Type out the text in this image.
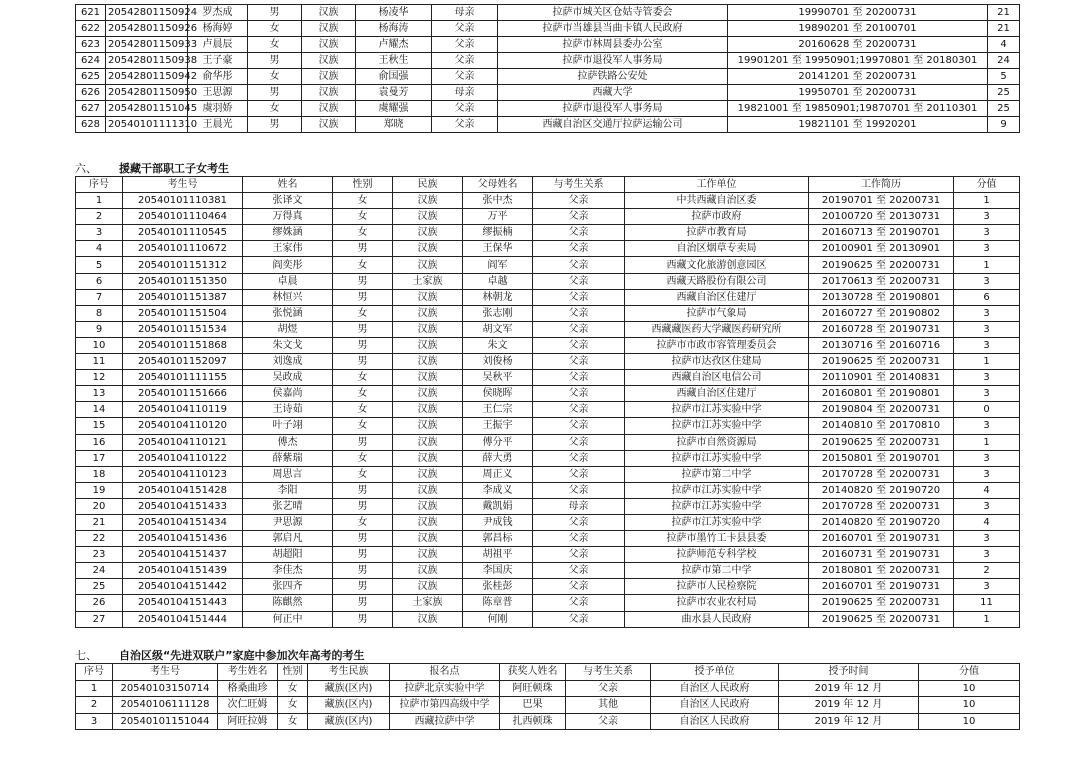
621	20542801150924	罗杰成	男	汉族	杨凌华	母亲	拉萨市城关区仓姑寺管委会	19990701 至 20200731	21
622	20542801150926	杨海婷	女	汉族	杨海涛	父亲	拉萨市当雄县当曲卡镇人民政府	19890201 至 20100701	21
623	20542801150933	卢晨辰	女	汉族	卢耀杰	父亲	拉萨市林周县委办公室	20160628 至 20200731	4
624	20542801150938	王子豪	男	汉族	王秋生	父亲	拉萨市退役军人事务局	19901201 至 19950901;19970801 至 20180301	24
625	20542801150942	俞华彤	女	汉族	俞国强	父亲	拉萨铁路公安处	20141201 至 20200731	5
626	20542801150950	王思源	男	汉族	袁曼芳	母亲	西藏大学	19950701 至 20200731	25
627	20542801151045	虞羽娇	女	汉族	虞耀强	父亲	拉萨市退役军人事务局	19821001 至 19850901;19870701 至 20110301	25
628	20540101111310	王晨光	男	汉族	郑晓	父亲	西藏自治区交通厅拉萨运输公司	19821101 至 19920201	9
六、 援藏干部职工子女考生
序号	考生号	姓名	性别	民族	父母姓名	与考生关系	工作单位	工作简历	分值
1	20540101110381	张译文	女	汉族	张中杰	父亲	中共西藏自治区委	20190701 至 20200731	1
2	20540101110464	万得真	女	汉族	万平	父亲	拉萨市政府	20100720 至 20130731	3
3	20540101110545	缪姝涵	女	汉族	缪振楠	父亲	拉萨市教育局	20160713 至 20190701	3
4	20540101110672	王家伟	男	汉族	王保华	父亲	自治区烟草专卖局	20100901 至 20130901	3
5	20540101151312	阎奕彤	女	汉族	阎军	父亲	西藏文化旅游创意园区	20190625 至 20200731	1
6	20540101151350	卓晨	男	土家族	卓越	父亲	西藏天路股份有限公司	20170613 至 20200731	3
7	20540101151387	林恒兴	男	汉族	林朝龙	父亲	西藏自治区住建厅	20130728 至 20190801	6
8	20540101151504	张悦涵	女	汉族	张志刚	父亲	拉萨市气象局	20160727 至 20190802	3
9	20540101151534	胡煜	男	汉族	胡文军	父亲	西藏藏医药大学藏医药研究所	20160728 至 20190731	3
10	20540101151868	朱文戈	男	汉族	朱文	父亲	拉萨市市政市容管理委员会	20130716 至 20160716	3
11	20540101152097	刘逸成	男	汉族	刘俊杨	父亲	拉萨市达孜区住建局	20190625 至 20200731	1
12	20540101111155	吴政成	女	汉族	吴秋平	父亲	西藏自治区电信公司	20110901 至 20140831	3
13	20540101151666	侯嘉尚	女	汉族	侯晓晖	父亲	西藏自治区住建厅	20160801 至 20190801	3
14	20540104110119	王诗茹	女	汉族	王仁宗	父亲	拉萨市江苏实验中学	20190804 至 20200731	0
15	20540104110120	叶子翊	女	汉族	王振宇	父亲	拉萨市江苏实验中学	20140810 至 20170810	3
16	20540104110121	傅杰	男	汉族	傅分平	父亲	拉萨市自然资源局	20190625 至 20200731	1
17	20540104110122	薛紫瑞	女	汉族	薛大勇	父亲	拉萨市江苏实验中学	20150801 至 20190701	3
18	20540104110123	周思言	女	汉族	周正义	父亲	拉萨市第二中学	20170728 至 20200731	3
19	20540104151428	李阳	男	汉族	李成义	父亲	拉萨市江苏实验中学	20140820 至 20190720	4
20	20540104151433	张艺晴	男	汉族	戴凯娟	母亲	拉萨市江苏实验中学	20170728 至 20200731	3
21	20540104151434	尹思源	女	汉族	尹成钱	父亲	拉萨市江苏实验中学	20140820 至 20190720	4
22	20540104151436	郭启凡	男	汉族	郭昌标	父亲	拉萨市墨竹工卡县县委	20160701 至 20190731	3
23	20540104151437	胡超阳	男	汉族	胡祖平	父亲	拉萨师范专科学校	20160731 至 20190731	3
24	20540104151439	李佳杰	男	汉族	李国庆	父亲	拉萨市第二中学	20180801 至 20200731	2
25	20540104151442	张四齐	男	汉族	张桂彭	父亲	拉萨市人民检察院	20160701 至 20190731	3
26	20540104151443	陈麒然	男	土家族	陈章普	父亲	拉萨市农业农村局	20190625 至 20200731	11
27	20540104151444	何正中	男	汉族	何刚	父亲	曲水县人民政府	20190625 至 20200731	1
七、 自治区级“先进双联户”家庭中参加次年高考的考生
序号	考生号	考生姓名	性别	考生民族	报名点	获奖人姓名	与考生关系	授予单位	授予时间	分值
1	20540103150714	格桑曲珍	女	藏族(区内)	拉萨北京实验中学	阿旺顿珠	父亲	自治区人民政府	2019 年 12 月	10
2	20540106111128	次仁旺姆	女	藏族(区内)	拉萨市第四高级中学	巴果	其他	自治区人民政府	2019 年 12 月	10
3	20540101151044	阿旺拉姆	女	藏族(区内)	西藏拉萨中学	扎西顿珠	父亲	自治区人民政府	2019 年 12 月	10
